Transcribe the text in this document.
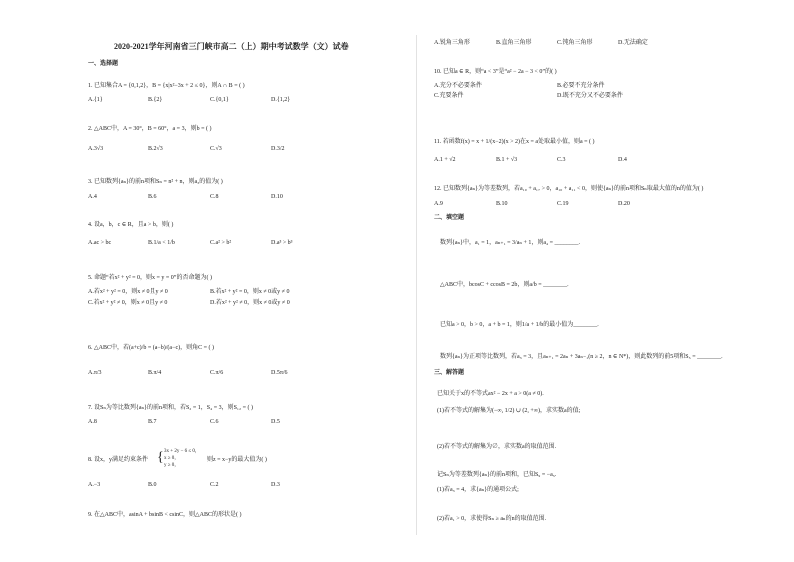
2020-2021学年河南省三门峡市高二（上）期中考试数学（文）试卷
一、选择题
1. 已知集合A = {0,1,2}，B = {x|x²−3x + 2 ≤ 0}，则A ∩ B = ( )
A.{1}	B.{2}	C.{0,1}	D.{1,2}
2. △ABC中，A = 30°，B = 60°，a = 3，则b = ( )
A.3√3	B.2√3	C.√3	D.3/2
3. 已知数列{aₙ}的前n项和Sₙ = n² + n，则a₃的值为( )
A.4	B.6	C.8	D.10
4. 设a，b，c ∈ R，且a > b，则( )
A.ac > bc	B.1/a < 1/b	C.a² > b²	D.a³ > b³
5. 命题“若x² + y² = 0，则x = y = 0”的否命题为( )
A.若x² + y² = 0，则x ≠ 0且y ≠ 0	B.若x² + y² = 0，则x ≠ 0或y ≠ 0
C.若x² + y² ≠ 0，则x ≠ 0且y ≠ 0	D.若x² + y² ≠ 0，则x ≠ 0或y ≠ 0
6. △ABC中，若(a+c)/b = (a−b)/(a−c)，则角C = ( )
A.π/3	B.π/4	C.π/6	D.5π/6
7. 设Sₙ为等比数列{aₙ}的前n项和，若S₂ = 1，S₄ = 3，则S₁₂ = ( )
A.8	B.7	C.6	D.5
8. 设x，y满足约束条件 { 3x + 2y − 6 ≤ 0，
x ≥ 0，
y ≥ 0，
则z = x−y的最大值为( )
A.−3	B.0	C.2	D.3
9. 在△ABC中，asinA + bsinB < csinC，则△ABC的形状是( )
A.锐角三角形	B.直角三角形	C.钝角三角形	D.无法确定
10. 已知a ∈ R，则“a < 3”是“a² − 2a − 3 < 0”的( )
A.充分不必要条件	B.必要不充分条件
C.充要条件	D.既不充分又不必要条件
11. 若函数f(x) = x + 1/(x−2)(x > 2)在x = a处取最小值，则a = ( )
A.1 + √2	B.1 + √3	C.3	D.4
12. 已知数列{aₙ}为等差数列，若a₁₀ + a₁₇ > 0，a₁₀ + a₁₁ < 0，则使{aₙ}的前n项和Sₙ取最大值的n的值为( )
A.9	B.10	C.19	D.20
二、填空题
数列{aₙ}中，a₁ = 1，aₙ₊₁ = 3/aₙ + 1，则a₄ = ________.
△ABC中，bcosC + ccosB = 2b，则a/b = ________.
已知a > 0，b > 0，a + b = 1，则1/a + 1/b的最小值为________.
数列{aₙ}为正项等比数列，若a₃ = 3，且aₙ₊₁ = 2aₙ + 3aₙ₋₁(n ≥ 2，n ∈ N*)，则此数列的前5项和S₅ = ________.
三、解答题
已知关于x的不等式ax² − 2x + a > 0(a ≠ 0).
(1)若不等式的解集为(−∞, 1/2) ∪ (2, +∞)，求实数a的值;
(2)若不等式的解集为∅，求实数a的取值范围.
记Sₙ为等差数列{aₙ}的前n项和，已知S₉ = −a₅.
(1)若a₃ = 4，求{aₙ}的通项公式;
(2)若a₁ > 0，求使得Sₙ ≥ aₙ的n的取值范围.
